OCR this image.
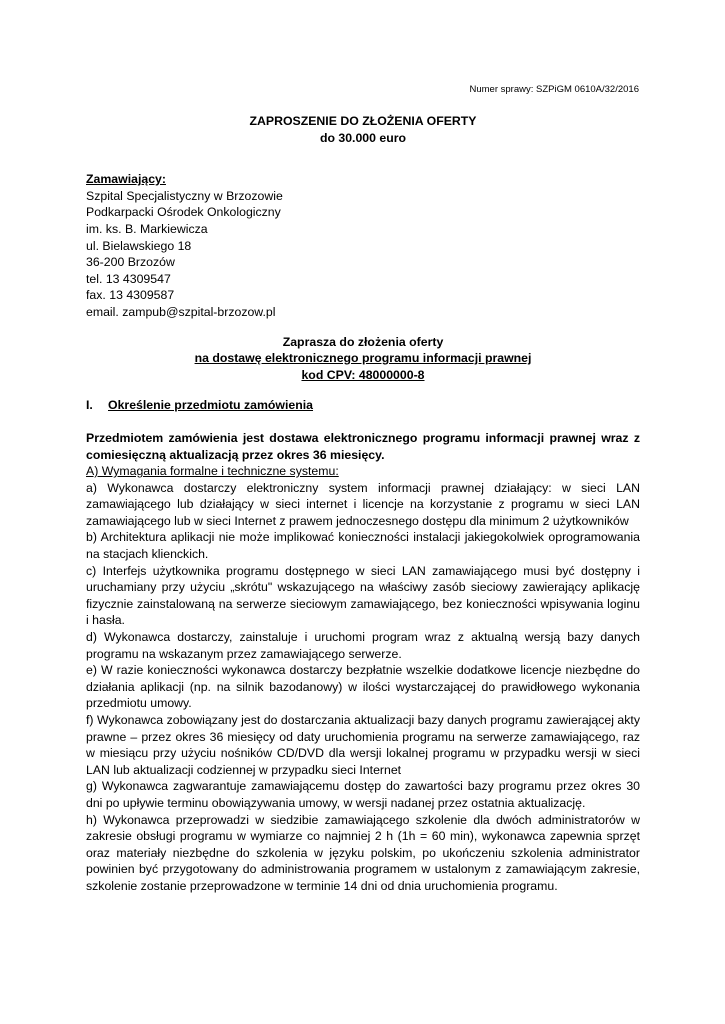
Numer sprawy: SZPiGM 0610A/32/2016

ZAPROSZENIE DO ZŁOŻENIA OFERTY

do 30.000 euro

Zamawiający:

Szpital Specjalistyczny w Brzozowie

Podkarpacki Ośrodek Onkologiczny

im. ks. B. Markiewicza

ul. Bielawskiego 18

36-200 Brzozów

tel. 13 4309547

fax. 13 4309587

email. zampub@szpital-brzozow.pl

Zaprasza do złożenia oferty

na dostawę elektronicznego programu informacji prawnej

kod CPV: 48000000-8

I. Określenie przedmiotu zamówienia

Przedmiotem zamówienia jest dostawa elektronicznego programu informacji prawnej wraz z comiesięczną aktualizacją przez okres 36 miesięcy.

A) Wymagania formalne i techniczne systemu:

a) Wykonawca dostarczy elektroniczny system informacji prawnej działający: w sieci LAN zamawiającego lub działający w sieci internet i licencje na korzystanie z programu w sieci LAN zamawiającego lub w sieci Internet z prawem jednoczesnego dostępu dla minimum 2 użytkowników

b) Architektura aplikacji nie może implikować konieczności instalacji jakiegokolwiek oprogramowania na stacjach klienckich.

c) Interfejs użytkownika programu dostępnego w sieci LAN zamawiającego musi być dostępny i uruchamiany przy użyciu „skrótu" wskazującego na właściwy zasób sieciowy zawierający aplikację fizycznie zainstalowaną na serwerze sieciowym zamawiającego, bez konieczności wpisywania loginu i hasła.

d) Wykonawca dostarczy, zainstaluje i uruchomi program wraz z aktualną wersją bazy danych programu na wskazanym przez zamawiającego serwerze.

e) W razie konieczności wykonawca dostarczy bezpłatnie wszelkie dodatkowe licencje niezbędne do działania aplikacji (np. na silnik bazodanowy) w ilości wystarczającej do prawidłowego wykonania przedmiotu umowy.

f) Wykonawca zobowiązany jest do dostarczania aktualizacji bazy danych programu zawierającej akty prawne – przez okres 36 miesięcy od daty uruchomienia programu na serwerze zamawiającego, raz w miesiącu przy użyciu nośników CD/DVD dla wersji lokalnej programu w przypadku wersji w sieci LAN lub aktualizacji codziennej w przypadku sieci Internet

g) Wykonawca zagwarantuje zamawiającemu dostęp do zawartości bazy programu przez okres 30 dni po upływie terminu obowiązywania umowy, w wersji nadanej przez ostatnia aktualizację.

h) Wykonawca przeprowadzi w siedzibie zamawiającego szkolenie dla dwóch administratorów w zakresie obsługi programu w wymiarze co najmniej 2 h (1h = 60 min), wykonawca zapewnia sprzęt oraz materiały niezbędne do szkolenia w języku polskim, po ukończeniu szkolenia administrator powinien być przygotowany do administrowania programem w ustalonym z zamawiającym zakresie, szkolenie zostanie przeprowadzone w terminie 14 dni od dnia uruchomienia programu.
